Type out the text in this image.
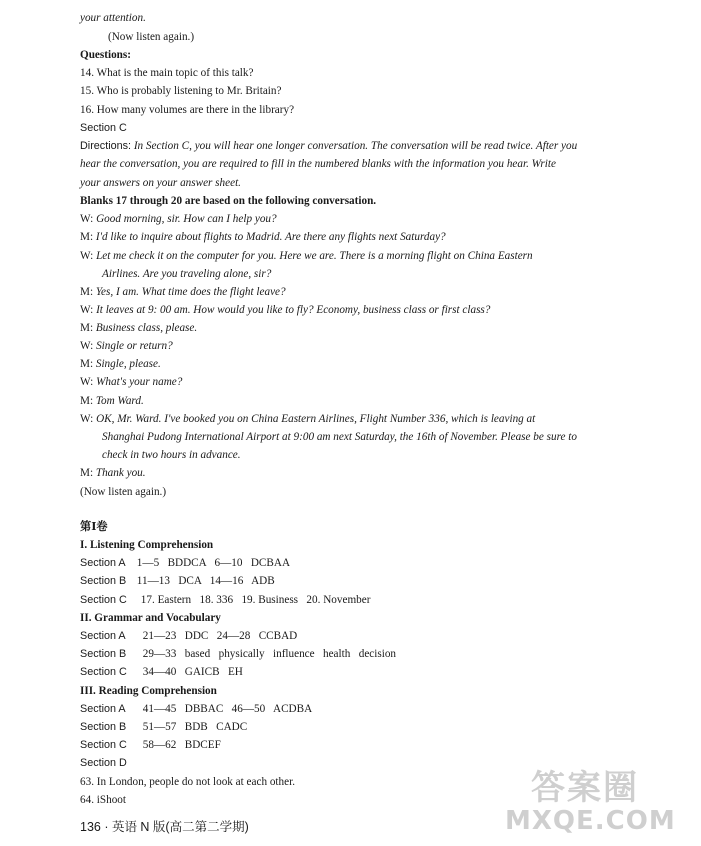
your attention.
(Now listen again.)
Questions:
14. What is the main topic of this talk?
15. Who is probably listening to Mr. Britain?
16. How many volumes are there in the library?
Section C
Directions: In Section C, you will hear one longer conversation. The conversation will be read twice. After you
hear the conversation, you are required to fill in the numbered blanks with the information you hear. Write
your answers on your answer sheet.
Blanks 17 through 20 are based on the following conversation.
W: Good morning, sir. How can I help you?
M: I'd like to inquire about flights to Madrid. Are there any flights next Saturday?
W: Let me check it on the computer for you. Here we are. There is a morning flight on China Eastern
Airlines. Are you traveling alone, sir?
M: Yes, I am. What time does the flight leave?
W: It leaves at 9: 00 am. How would you like to fly? Economy, business class or first class?
M: Business class, please.
W: Single or return?
M: Single, please.
W: What's your name?
M: Tom Ward.
W: OK, Mr. Ward. I've booked you on China Eastern Airlines, Flight Number 336, which is leaving at
Shanghai Pudong International Airport at 9:00 am next Saturday, the 16th of November. Please be sure to
check in two hours in advance.
M: Thank you.
(Now listen again.)
第Ⅰ卷
I. Listening Comprehension
Section A 1—5   BDDCA   6—10   DCBAA
Section B 11—13   DCA   14—16   ADB
Section C 17. Eastern   18. 336   19. Business   20. November
II. Grammar and Vocabulary
Section A 21—23   DDC   24—28   CCBAD
Section B 29—33   based   physically   influence   health   decision
Section C 34—40   GAICB   EH
III. Reading Comprehension
Section A 41—45   DBBAC   46—50   ACDBA
Section B 51—57   BDB   CADC
Section C 58—62   BDCEF
Section D
63. In London, people do not look at each other.
64. iShoot
136 · 英语 N 版(高二第二学期)
答案圈
MXQE.COM
